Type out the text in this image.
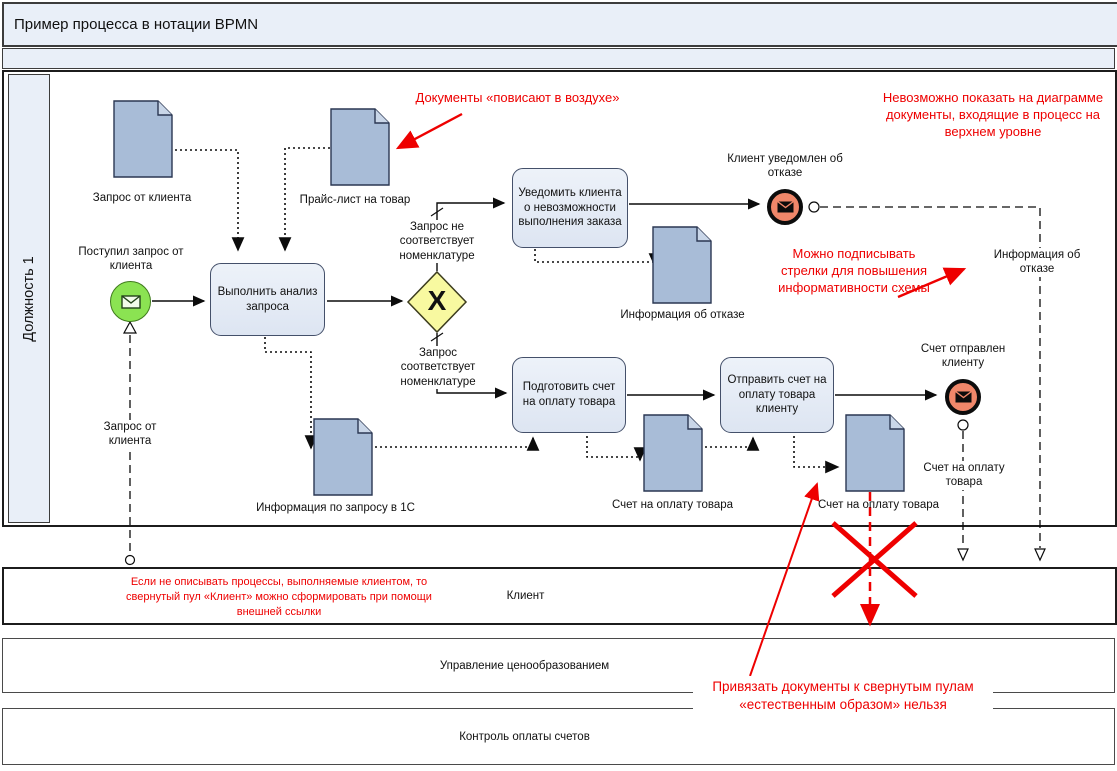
Пример процесса в нотации BPMN
Должность 1
Клиент
Управление ценообразованием
Контроль оплаты счетов
Запрос от клиента	Прайс-лист на товар
Информация об отказе
Информация по запросу в 1С	Счет на оплату товара	Счет на оплату товара
Поступил запрос от клиента
Клиент уведомлен об отказе
Счет отправлен клиенту
Выполнить анализ запроса
Уведомить клиента о невозможности выполнения заказа
Подготовить счет на оплату товара
Отправить счет на оплату товара клиенту
X
Запрос не соответствует номенклатуре
Запрос соответствует номенклатуре
Запрос от клиента
Информация об отказе
Счет на оплату товара
Документы «повисают в воздухе»	Невозможно показать на диаграмме документы, входящие в процесс на верхнем уровне
Можно подписывать стрелки для повышения информативности схемы
Если не описывать процессы, выполняемые клиентом, то свернутый пул «Клиент» можно сформировать при помощи внешней ссылки
Привязать документы к свернутым пулам «естественным образом» нельзя
